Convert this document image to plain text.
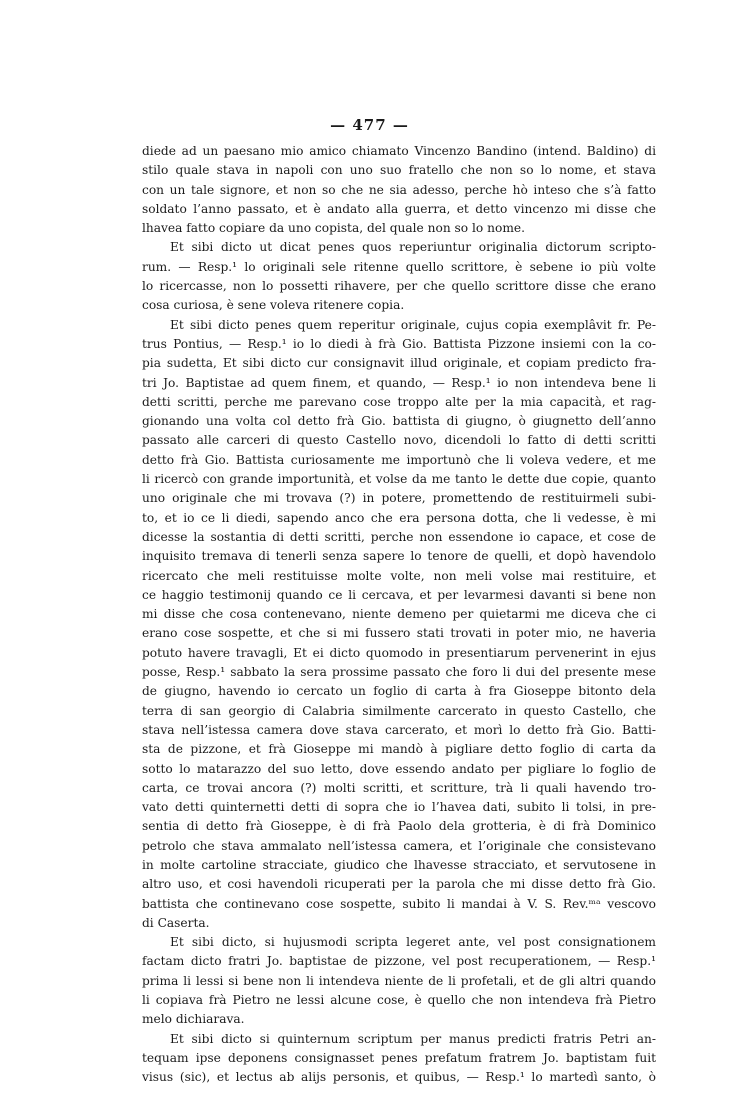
— 477 —
diede ad un paesano mio amico chiamato Vincenzo Bandino (intend. Baldino) di
stilo quale stava in napoli con uno suo fratello che non so lo nome, et stava
con un tale signore, et non so che ne sia adesso, perche hò inteso che s’à fatto
soldato l’anno passato, et è andato alla guerra, et detto vincenzo mi disse che
lhavea fatto copiare da uno copista, del quale non so lo nome.
Et sibi dicto ut dicat penes quos reperiuntur originalia dictorum scripto-
rum. — Resp.¹ lo originali sele ritenne quello scrittore, è sebene io più volte
lo ricercasse, non lo possetti rihavere, per che quello scrittore disse che erano
cosa curiosa, è sene voleva ritenere copia.
Et sibi dicto penes quem reperitur originale, cujus copia exemplâvit fr. Pe-
trus Pontius, — Resp.¹ io lo diedi à frà Gio. Battista Pizzone insiemi con la co-
pia sudetta, Et sibi dicto cur consignavit illud originale, et copiam predicto fra-
tri Jo. Baptistae ad quem finem, et quando, — Resp.¹ io non intendeva bene li
detti scritti, perche me parevano cose troppo alte per la mia capacità, et rag-
gionando una volta col detto frà Gio. battista di giugno, ò giugnetto dell’anno
passato alle carceri di questo Castello novo, dicendoli lo fatto di detti scritti
detto frà Gio. Battista curiosamente me importunò che li voleva vedere, et me
li ricercò con grande importunità, et volse da me tanto le dette due copie, quanto
uno originale che mi trovava (?) in potere, promettendo de restituirmeli subi-
to, et io ce li diedi, sapendo anco che era persona dotta, che li vedesse, è mi
dicesse la sostantia di detti scritti, perche non essendone io capace, et cose de
inquisito tremava di tenerli senza sapere lo tenore de quelli, et dopò havendolo
ricercato che meli restituisse molte volte, non meli volse mai restituire, et
ce haggio testimonij quando ce li cercava, et per levarmesi davanti si bene non
mi disse che cosa contenevano, niente demeno per quietarmi me diceva che ci
erano cose sospette, et che si mi fussero stati trovati in poter mio, ne haveria
potuto havere travagli, Et ei dicto quomodo in presentiarum pervenerint in ejus
posse, Resp.¹ sabbato la sera prossime passato che foro li dui del presente mese
de giugno, havendo io cercato un foglio di carta à fra Gioseppe bitonto dela
terra di san georgio di Calabria similmente carcerato in questo Castello, che
stava nell’istessa camera dove stava carcerato, et morì lo detto frà Gio. Batti-
sta de pizzone, et frà Gioseppe mi mandò à pigliare detto foglio di carta da
sotto lo matarazzo del suo letto, dove essendo andato per pigliare lo foglio de
carta, ce trovai ancora (?) molti scritti, et scritture, trà li quali havendo tro-
vato detti quinternetti detti di sopra che io l’havea dati, subito li tolsi, in pre-
sentia di detto frà Gioseppe, è di frà Paolo dela grotteria, è di frà Dominico
petrolo che stava ammalato nell’istessa camera, et l’originale che consistevano
in molte cartoline stracciate, giudico che lhavesse stracciato, et servutosene in
altro uso, et cosi havendoli ricuperati per la parola che mi disse detto frà Gio.
battista che continevano cose sospette, subito li mandai à V. S. Rev.ᵐᵃ vescovo
di Caserta.
Et sibi dicto, si hujusmodi scripta legeret ante, vel post consignationem
factam dicto fratri Jo. baptistae de pizzone, vel post recuperationem, — Resp.¹
prima li lessi si bene non li intendeva niente de li profetali, et de gli altri quando
li copiava frà Pietro ne lessi alcune cose, è quello che non intendeva frà Pietro
melo dichiarava.
Et sibi dicto si quinternum scriptum per manus predicti fratris Petri an-
tequam ipse deponens consignasset penes prefatum fratrem Jo. baptistam fuit
visus (sic), et lectus ab alijs personis, et quibus, — Resp.¹ lo martedì santo, ò
